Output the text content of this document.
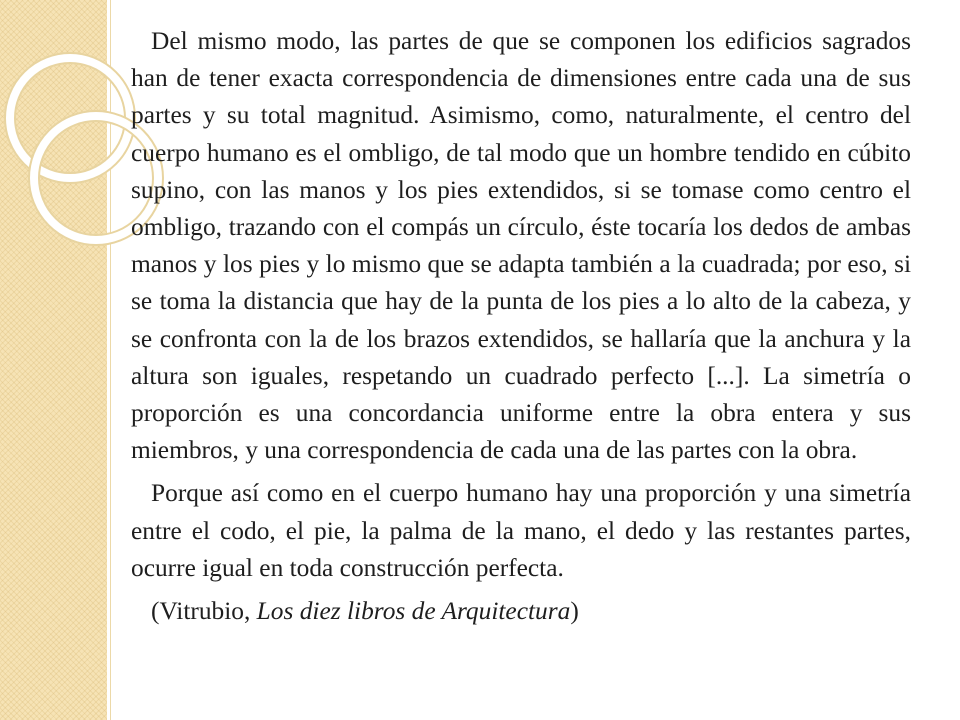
Del mismo modo, las partes de que se componen los edificios sagrados han de tener exacta correspondencia de dimensiones entre cada una de sus partes y su total magnitud. Asimismo, como, naturalmente, el centro del cuerpo humano es el ombligo, de tal modo que un hombre tendido en cúbito supino, con las manos y los pies extendidos, si se tomase como centro el ombligo, trazando con el compás un círculo, éste tocaría los dedos de ambas manos y los pies y lo mismo que se adapta también a la cuadrada; por eso, si se toma la distancia que hay de la punta de los pies a lo alto de la cabeza, y se confronta con la de los brazos extendidos, se hallaría que la anchura y la altura son iguales, respetando un cuadrado perfecto [...]. La simetría o proporción es una concordancia uniforme entre la obra entera y sus miembros, y una correspondencia de cada una de las partes con la obra.

Porque así como en el cuerpo humano hay una proporción y una simetría entre el codo, el pie, la palma de la mano, el dedo y las restantes partes, ocurre igual en toda construcción perfecta.

(Vitrubio, Los diez libros de Arquitectura)
